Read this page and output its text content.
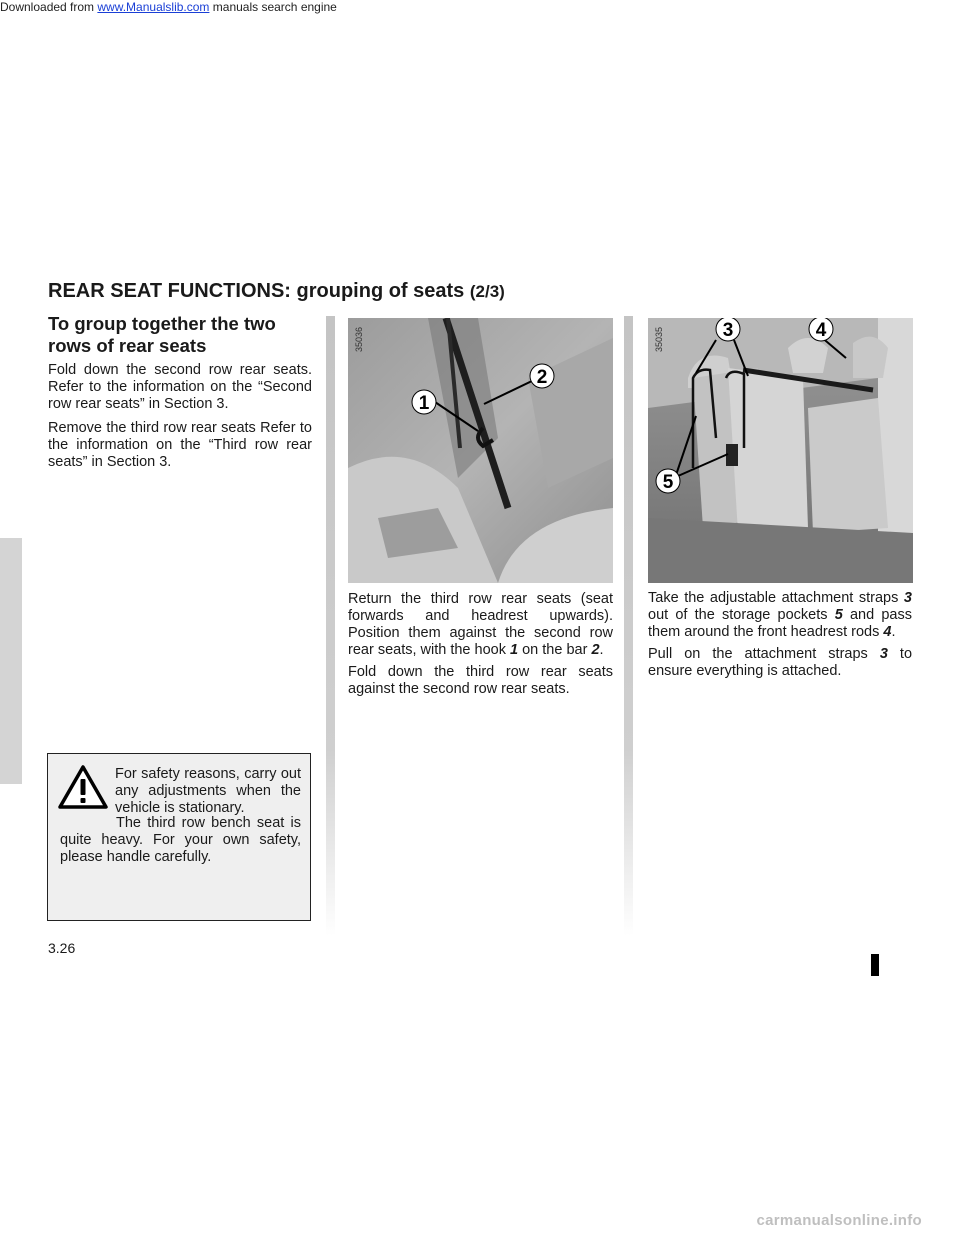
Downloaded from www.Manualslib.com manuals search engine
REAR SEAT FUNCTIONS: grouping of seats (2/3)
To group together the two rows of rear seats

Fold down the second row rear seats. Refer to the information on the “Second row rear seats” in Section 3.

Remove the third row rear seats Refer to the information on the “Third row rear seats” in Section 3.

1
2
35036

Return the third row rear seats (seat forwards and headrest upwards). Position them against the second row rear seats, with the hook 1 on the bar 2.

Fold down the third row rear seats against the second row rear seats.

3	4
5
35035

Take the adjustable attachment straps 3 out of the storage pockets 5 and pass them around the front headrest rods 4.

Pull on the attachment straps 3 to ensure everything is attached.

For safety reasons, carry out any adjustments when the vehicle is stationary.

The third row bench seat is quite heavy. For your own safety, please handle carefully.

3.26
carmanualsonline.info
